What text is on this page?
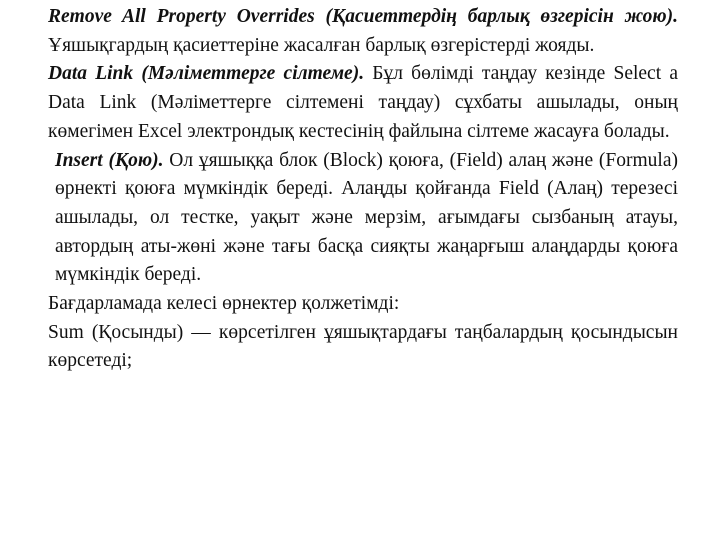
Remove All Property Overrides (Қасиеттердің барлық өзгерісін жою). Ұяшықгардың қасиеттеріне жасалған барлық өзгерістерді жояды.

Data Link (Мәліметтерге сілтеме). Бұл бөлімді таңдау кезінде Select a Data Link (Мәліметтерге сілтемені таңдау) сұхбаты ашылады, оның көмегімен Excel электрондық кестесінің файлына сілтеме жасауға болады.

Insert (Қою). Ол ұяшыққа блок (Block) қоюға, (Field) алаң және (Formula) өрнекті қоюға мүмкіндік береді. Алаңды қойғанда Field (Алаң) терезесі ашылады, ол тестке, уақыт және мерзім, ағымдағы сызбаның атауы, автордың аты-жөні және тағы басқа сияқты жаңарғыш алаңдарды қоюға мүмкіндік береді.

Бағдарламада келесі өрнектер қолжетімді:

Sum (Қосынды) — көрсетілген ұяшықтардағы таңбалардың қосындысын көрсетеді;
